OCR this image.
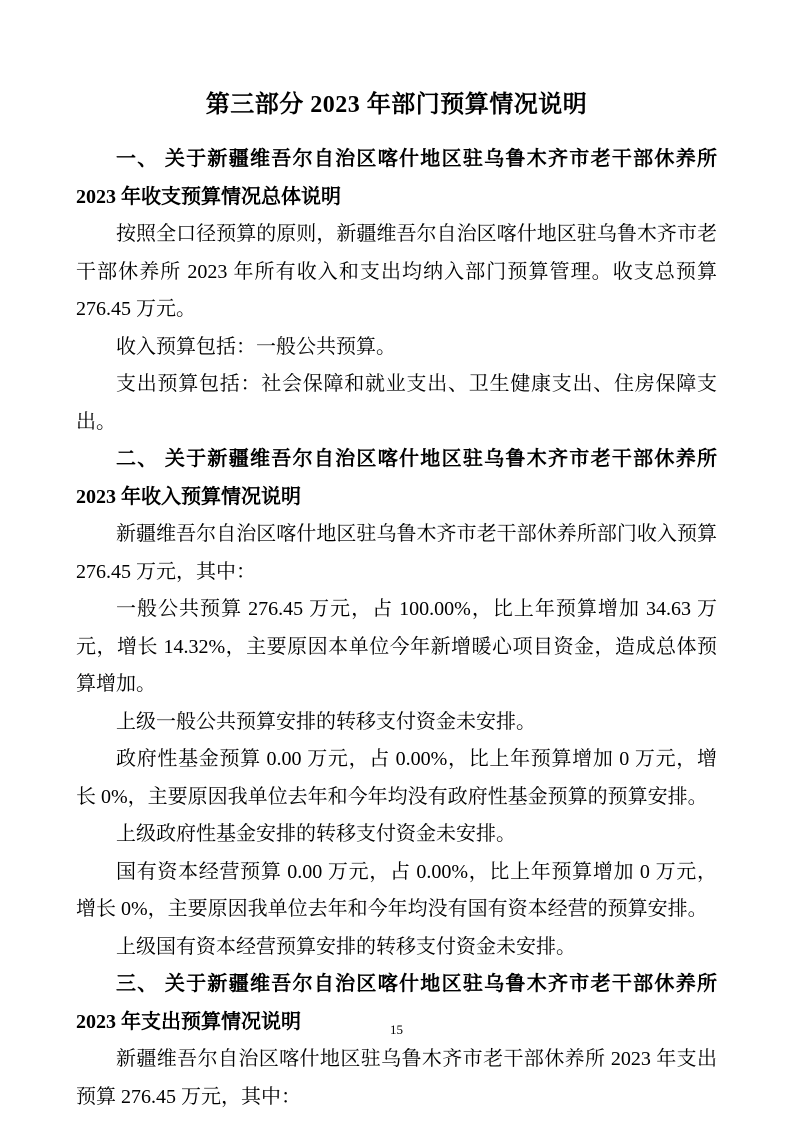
第三部分 2023 年部门预算情况说明

一、 关于新疆维吾尔自治区喀什地区驻乌鲁木齐市老干部休养所 2023 年收支预算情况总体说明

按照全口径预算的原则，新疆维吾尔自治区喀什地区驻乌鲁木齐市老干部休养所 2023 年所有收入和支出均纳入部门预算管理。收支总预算 276.45 万元。

收入预算包括：一般公共预算。

支出预算包括：社会保障和就业支出、卫生健康支出、住房保障支出。

二、 关于新疆维吾尔自治区喀什地区驻乌鲁木齐市老干部休养所 2023 年收入预算情况说明

新疆维吾尔自治区喀什地区驻乌鲁木齐市老干部休养所部门收入预算 276.45 万元，其中：

一般公共预算 276.45 万元，占 100.00%，比上年预算增加 34.63 万元，增长 14.32%，主要原因本单位今年新增暖心项目资金，造成总体预算增加。

上级一般公共预算安排的转移支付资金未安排。

政府性基金预算 0.00 万元，占 0.00%，比上年预算增加 0 万元，增长 0%，主要原因我单位去年和今年均没有政府性基金预算的预算安排。

上级政府性基金安排的转移支付资金未安排。

国有资本经营预算 0.00 万元，占 0.00%，比上年预算增加 0 万元，增长 0%，主要原因我单位去年和今年均没有国有资本经营的预算安排。

上级国有资本经营预算安排的转移支付资金未安排。

三、 关于新疆维吾尔自治区喀什地区驻乌鲁木齐市老干部休养所 2023 年支出预算情况说明

新疆维吾尔自治区喀什地区驻乌鲁木齐市老干部休养所 2023 年支出预算 276.45 万元，其中：

15
